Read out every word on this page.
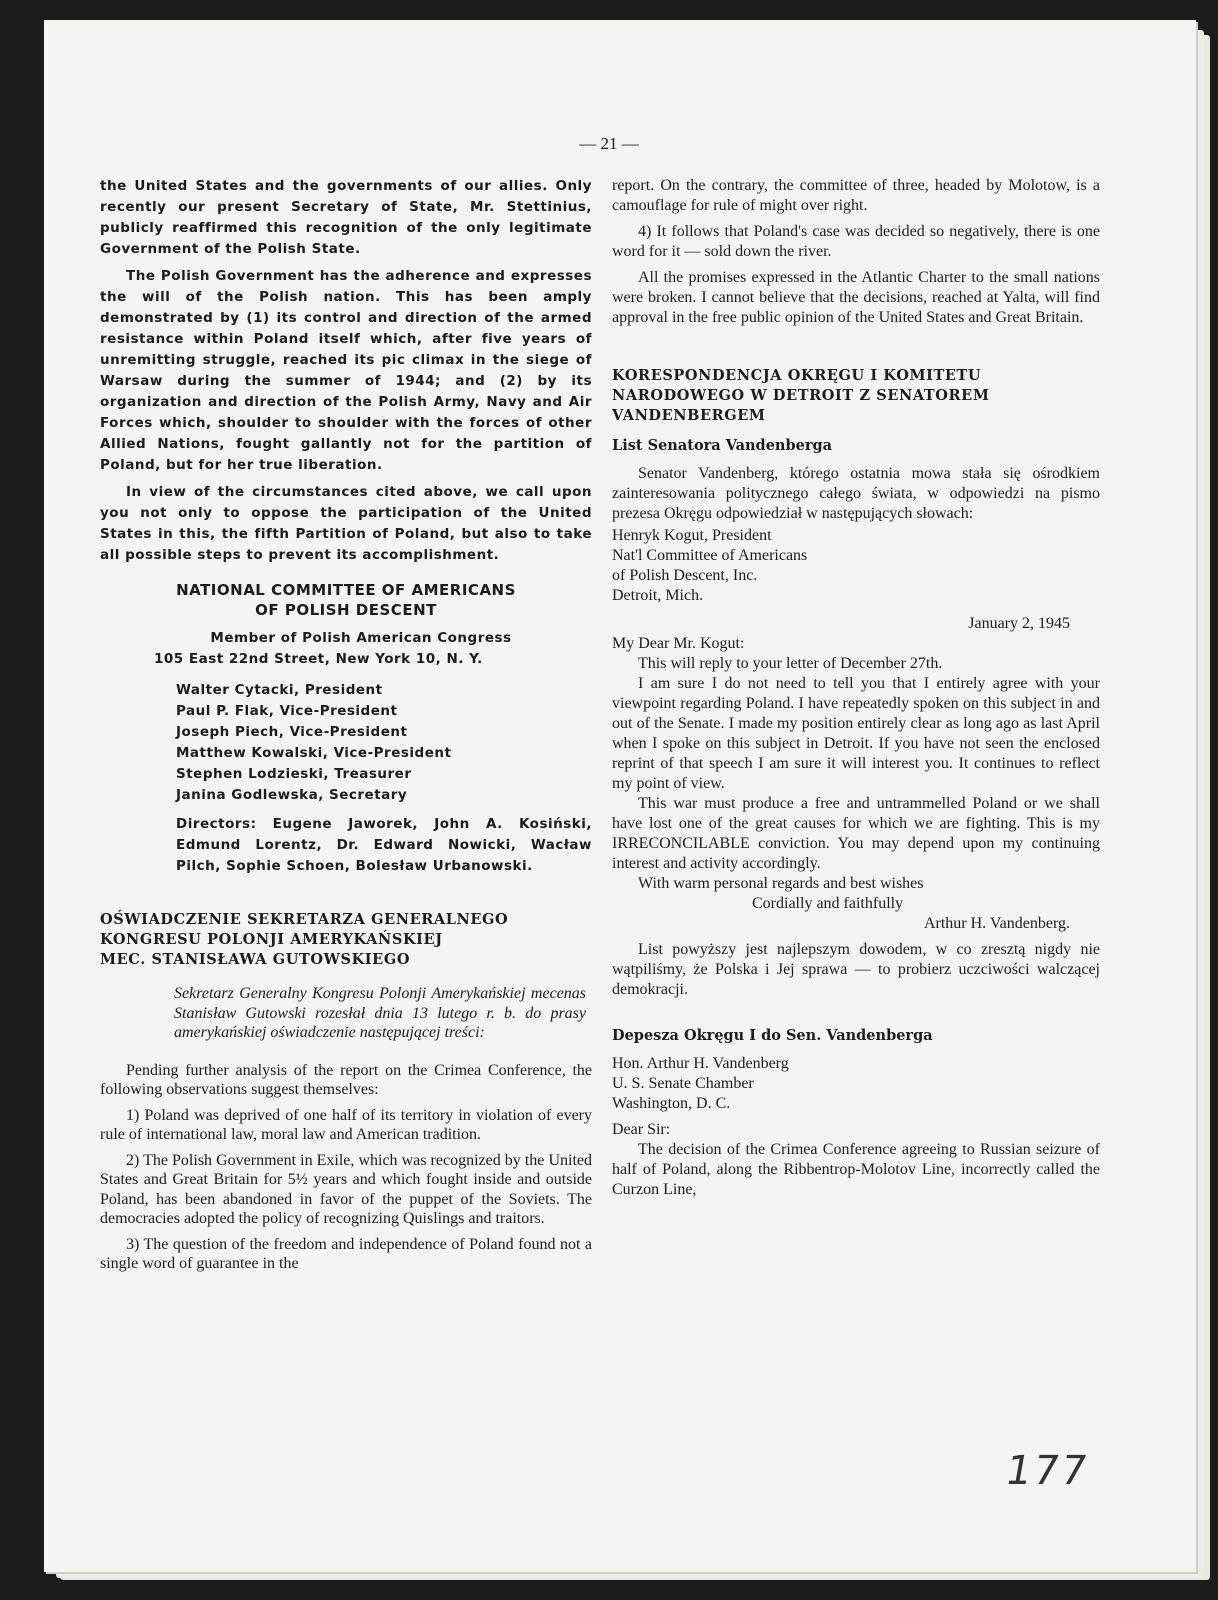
— 21 —

the United States and the governments of our allies. Only recently our present Secretary of State, Mr. Stettinius, publicly reaffirmed this recognition of the only legitimate Government of the Polish State.

The Polish Government has the adherence and expresses the will of the Polish nation. This has been amply demonstrated by (1) its control and direction of the armed resistance within Poland itself which, after five years of unremitting struggle, reached its pic climax in the siege of Warsaw during the summer of 1944; and (2) by its organization and direction of the Polish Army, Navy and Air Forces which, shoulder to shoulder with the forces of other Allied Nations, fought gallantly not for the partition of Poland, but for her true liberation.

In view of the circumstances cited above, we call upon you not only to oppose the participation of the United States in this, the fifth Partition of Poland, but also to take all possible steps to prevent its accomplishment.

NATIONAL COMMITTEE OF AMERICANS
OF POLISH DESCENT
Member of Polish American Congress
105 East 22nd Street, New York 10, N. Y.
Walter Cytacki, President
Paul P. Flak, Vice-President
Joseph Piech, Vice-President
Matthew Kowalski, Vice-President
Stephen Lodzieski, Treasurer
Janina Godlewska, Secretary

Directors: Eugene Jaworek, John A. Kosiński, Edmund Lorentz, Dr. Edward Nowicki, Wacław Pilch, Sophie Schoen, Bolesław Urbanowski.

OŚWIADCZENIE SEKRETARZA GENERALNEGO
KONGRESU POLONJI AMERYKAŃSKIEJ
MEC. STANISŁAWA GUTOWSKIEGO

Sekretarz Generalny Kongresu Polonji Amerykańskiej mecenas Stanisław Gutowski rozesłał dnia 13 lutego r. b. do prasy amerykańskiej oświadczenie następującej treści:

Pending further analysis of the report on the Crimea Conference, the following observations suggest themselves:

1) Poland was deprived of one half of its territory in violation of every rule of international law, moral law and American tradition.

2) The Polish Government in Exile, which was recognized by the United States and Great Britain for 5½ years and which fought inside and outside Poland, has been abandoned in favor of the puppet of the Soviets. The democracies adopted the policy of recognizing Quislings and traitors.

3) The question of the freedom and independence of Poland found not a single word of guarantee in the

report. On the contrary, the committee of three, headed by Molotow, is a camouflage for rule of might over right.

4) It follows that Poland's case was decided so negatively, there is one word for it — sold down the river.

All the promises expressed in the Atlantic Charter to the small nations were broken. I cannot believe that the decisions, reached at Yalta, will find approval in the free public opinion of the United States and Great Britain.

KORESPONDENCJA OKRĘGU I KOMITETU
NARODOWEGO W DETROIT Z SENATOREM
VANDENBERGEM
List Senatora Vandenberga

Senator Vandenberg, którego ostatnia mowa stała się ośrodkiem zainteresowania politycznego całego świata, w odpowiedzi na pismo prezesa Okręgu odpowiedział w następujących słowach:

Henryk Kogut, President
Nat'l Committee of Americans
of Polish Descent, Inc.
Detroit, Mich.
January 2, 1945
My Dear Mr. Kogut:

This will reply to your letter of December 27th.

I am sure I do not need to tell you that I entirely agree with your viewpoint regarding Poland. I have repeatedly spoken on this subject in and out of the Senate. I made my position entirely clear as long ago as last April when I spoke on this subject in Detroit. If you have not seen the enclosed reprint of that speech I am sure it will interest you. It continues to reflect my point of view.

This war must produce a free and untrammelled Poland or we shall have lost one of the great causes for which we are fighting. This is my IRRECONCILABLE conviction. You may depend upon my continuing interest and activity accordingly.

With warm personal regards and best wishes

Cordially and faithfully
Arthur H. Vandenberg.

List powyższy jest najlepszym dowodem, w co zresztą nigdy nie wątpiliśmy, że Polska i Jej sprawa — to probierz uczciwości walczącej demokracji.

Depesza Okręgu I do Sen. Vandenberga
Hon. Arthur H. Vandenberg
U. S. Senate Chamber
Washington, D. C.
Dear Sir:

The decision of the Crimea Conference agreeing to Russian seizure of half of Poland, along the Ribbentrop-Molotov Line, incorrectly called the Curzon Line,

177
